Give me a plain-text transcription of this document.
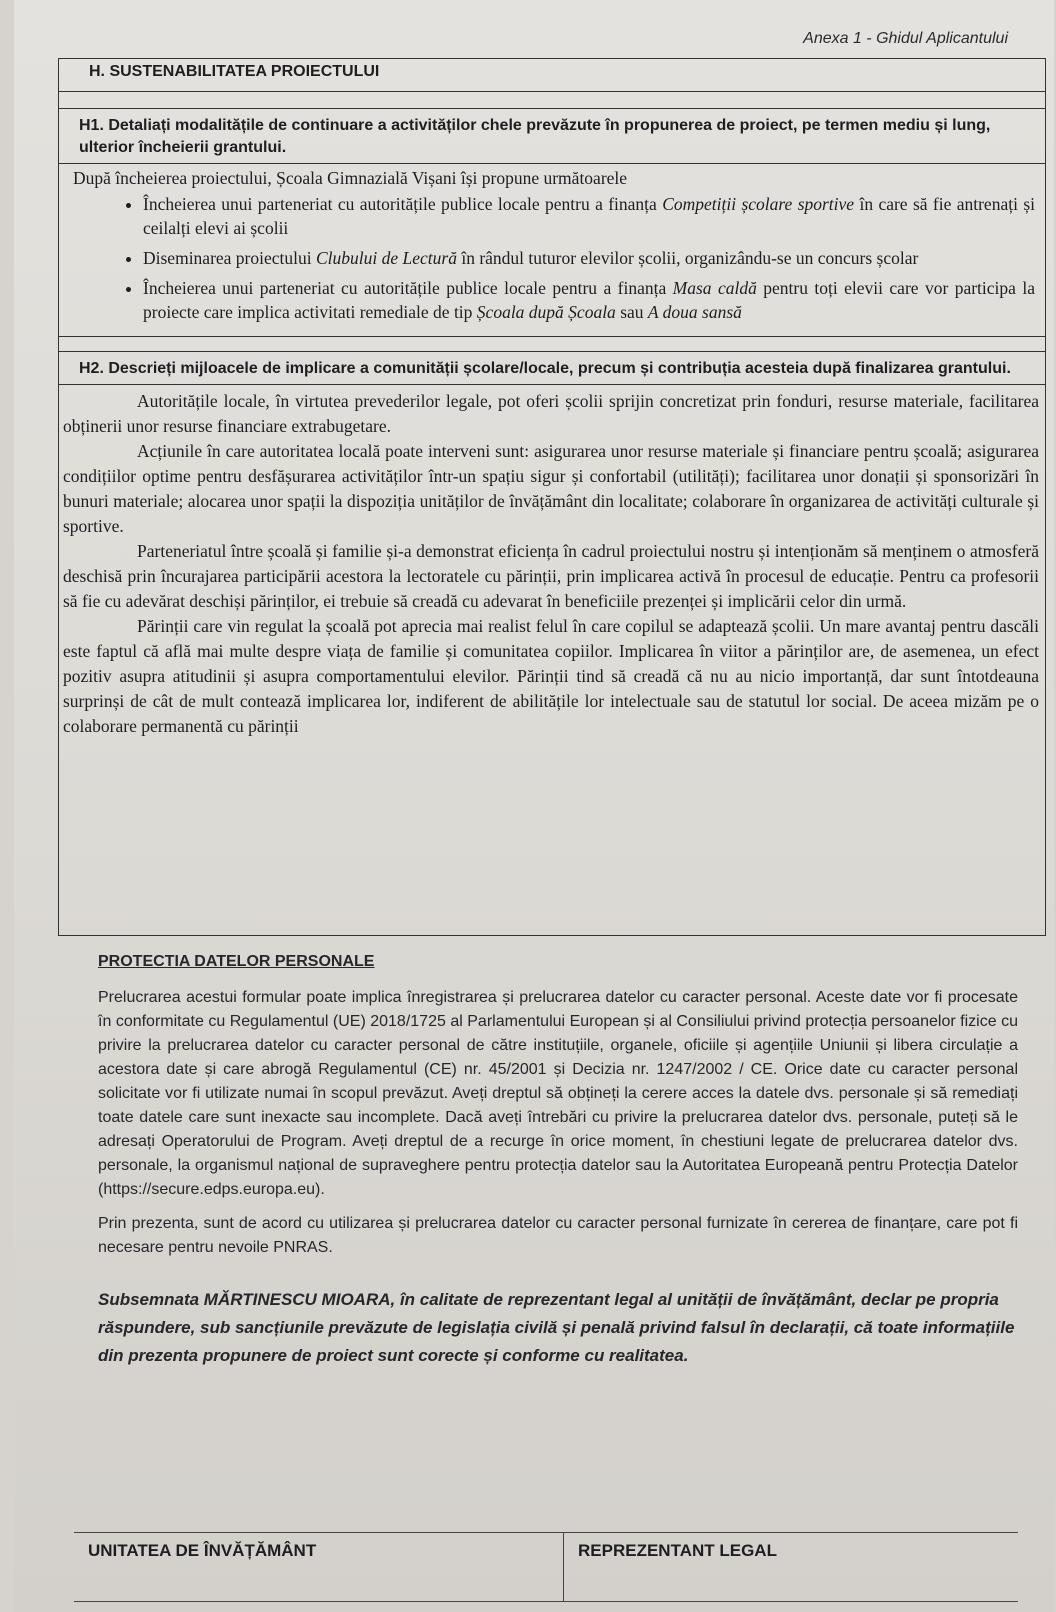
Anexa 1 - Ghidul Aplicantului
H. SUSTENABILITATEA PROIECTULUI
H1. Detaliați modalitățile de continuare a activităților chele prevăzute în propunerea de proiect, pe termen mediu și lung, ulterior încheierii grantului.
După încheierea proiectului, Școala Gimnazială Vișani își propune următoarele
• Încheierea unui parteneriat cu autoritățile publice locale pentru a finanța Competiții școlare sportive în care să fie antrenați și ceilalți elevi ai școlii
• Diseminarea proiectului Clubului de Lectură în rândul tuturor elevilor școlii, organizându-se un concurs școlar
• Încheierea unui parteneriat cu autoritățile publice locale pentru a finanța Masa caldă pentru toți elevii care vor participa la proiecte care implica activitati remediale de tip Școala după Școala sau A doua sansă
H2. Descrieți mijloacele de implicare a comunității școlare/locale, precum și contribuția acesteia după finalizarea grantului.

Autoritățile locale, în virtutea prevederilor legale, pot oferi școlii sprijin concretizat prin fonduri, resurse materiale, facilitarea obținerii unor resurse financiare extrabugetare.

Acțiunile în care autoritatea locală poate interveni sunt: asigurarea unor resurse materiale și financiare pentru școală; asigurarea condițiilor optime pentru desfășurarea activităților într-un spațiu sigur și confortabil (utilități); facilitarea unor donații și sponsorizări în bunuri materiale; alocarea unor spații la dispoziția unităților de învățământ din localitate; colaborare în organizarea de activități culturale și sportive.

Parteneriatul între școală și familie și-a demonstrat eficiența în cadrul proiectului nostru și intenționăm să menținem o atmosferă deschisă prin încurajarea participării acestora la lectoratele cu părinții, prin implicarea activă în procesul de educație. Pentru ca profesorii să fie cu adevărat deschiși părinților, ei trebuie să creadă cu adevarat în beneficiile prezenței și implicării celor din urmă.

Părinții care vin regulat la școală pot aprecia mai realist felul în care copilul se adaptează școlii. Un mare avantaj pentru dascăli este faptul că află mai multe despre viața de familie și comunitatea copiilor. Implicarea în viitor a părinților are, de asemenea, un efect pozitiv asupra atitudinii și asupra comportamentului elevilor. Părinții tind să creadă că nu au nicio importanță, dar sunt întotdeauna surprinși de cât de mult contează implicarea lor, indiferent de abilitățile lor intelectuale sau de statutul lor social. De aceea mizăm pe o colaborare permanentă cu părinții

PROTECTIA DATELOR PERSONALE

Prelucrarea acestui formular poate implica înregistrarea și prelucrarea datelor cu caracter personal. Aceste date vor fi procesate în conformitate cu Regulamentul (UE) 2018/1725 al Parlamentului European și al Consiliului privind protecția persoanelor fizice cu privire la prelucrarea datelor cu caracter personal de către instituțiile, organele, oficiile și agențiile Uniunii și libera circulație a acestora date și care abrogă Regulamentul (CE) nr. 45/2001 și Decizia nr. 1247/2002 / CE. Orice date cu caracter personal solicitate vor fi utilizate numai în scopul prevăzut. Aveți dreptul să obțineți la cerere acces la datele dvs. personale și să remediați toate datele care sunt inexacte sau incomplete. Dacă aveți întrebări cu privire la prelucrarea datelor dvs. personale, puteți să le adresați Operatorului de Program. Aveți dreptul de a recurge în orice moment, în chestiuni legate de prelucrarea datelor dvs. personale, la organismul național de supraveghere pentru protecția datelor sau la Autoritatea Europeană pentru Protecția Datelor (https://secure.edps.europa.eu).

Prin prezenta, sunt de acord cu utilizarea și prelucrarea datelor cu caracter personal furnizate în cererea de finanțare, care pot fi necesare pentru nevoile PNRAS.

Subsemnata MĂRTINESCU MIOARA, în calitate de reprezentant legal al unității de învățământ, declar pe propria răspundere, sub sancțiunile prevăzute de legislația civilă și penală privind falsul în declarații, că toate informațiile din prezenta propunere de proiect sunt corecte și conforme cu realitatea.
UNITATEA DE ÎNVĂȚĂMÂNT	REPREZENTANT LEGAL
